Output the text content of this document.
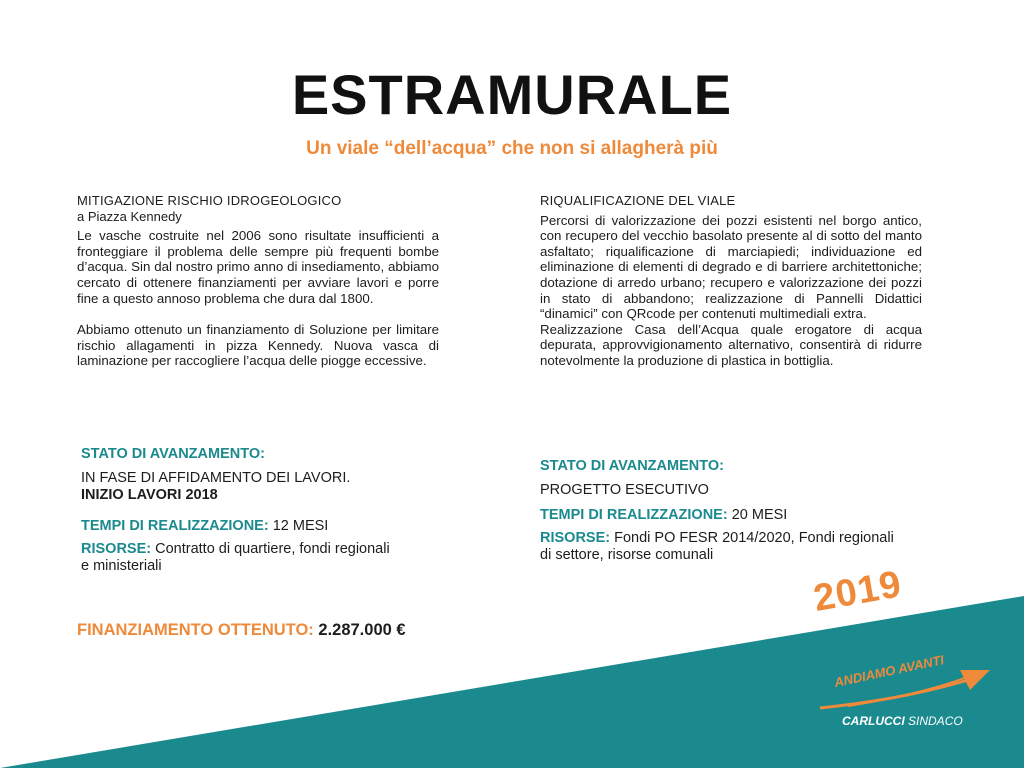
ESTRAMURALE
Un viale “dell’acqua” che non si allagherà più
MITIGAZIONE RISCHIO IDROGEOLOGICO
a Piazza Kennedy

Le vasche costruite nel 2006 sono risultate insufficienti a fronteggiare il problema delle sempre più frequenti bombe d’acqua. Sin dal nostro primo anno di insediamento, abbiamo cercato di ottenere finanziamenti per avviare lavori e porre fine a questo annoso problema che dura dal 1800.

Abbiamo ottenuto un finanziamento di Soluzione per limitare rischio allagamenti in pizza Kennedy. Nuova vasca di laminazione per raccogliere l’acqua delle piogge eccessive.

STATO DI AVANZAMENTO:
IN FASE DI AFFIDAMENTO DEI LAVORI.
INIZIO LAVORI 2018
TEMPI DI REALIZZAZIONE: 12 MESI
RISORSE: Contratto di quartiere, fondi regionali e ministeriali
FINANZIAMENTO OTTENUTO: 2.287.000 €
RIQUALIFICAZIONE DEL VIALE

Percorsi di valorizzazione dei pozzi esistenti nel borgo antico, con recupero del vecchio basolato presente al di sotto del manto asfaltato; riqualificazione di marciapiedi; individuazione ed eliminazione di elementi di degrado e di barriere architettoniche; dotazione di arredo urbano; recupero e valorizzazione dei pozzi in stato di abbandono; realizzazione di Pannelli Didattici “dinamici” con QRcode per contenuti multimediali extra.

Realizzazione Casa dell’Acqua quale erogatore di acqua depurata, approvvigionamento alternativo, consentirà di ridurre notevolmente la produzione di plastica in bottiglia.

STATO DI AVANZAMENTO:
PROGETTO ESECUTIVO
TEMPI DI REALIZZAZIONE: 20 MESI
RISORSE: Fondi PO FESR 2014/2020, Fondi regionali di settore, risorse comunali
2019
ANDIAMO AVANTI
CARLUCCI SINDACO
